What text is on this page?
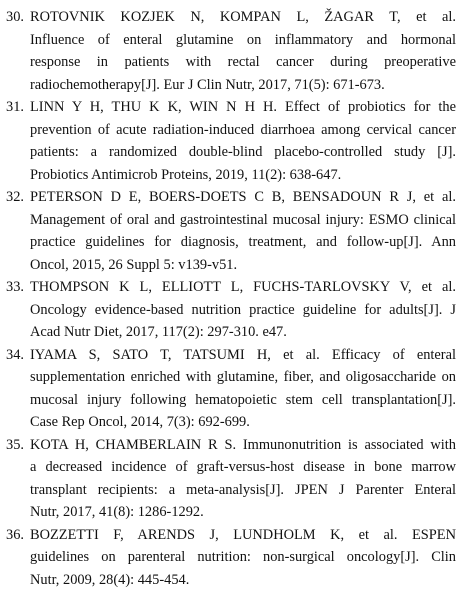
30. ROTOVNIK KOZJEK N, KOMPAN L, ŽAGAR T, et al.
Influence of enteral glutamine on inflammatory and hormonal
response in patients with rectal cancer during preoperative
radiochemotherapy[J]. Eur J Clin Nutr, 2017, 71(5): 671-673.
31. LINN Y H, THU K K, WIN N H H. Effect of probiotics for the
prevention of acute radiation-induced diarrhoea among cervical cancer
patients: a randomized double-blind placebo-controlled study [J].
Probiotics Antimicrob Proteins, 2019, 11(2): 638-647.
32. PETERSON D E, BOERS-DOETS C B, BENSADOUN R J, et al.
Management of oral and gastrointestinal mucosal injury: ESMO clinical
practice guidelines for diagnosis, treatment, and follow-up[J]. Ann
Oncol, 2015, 26 Suppl 5: v139-v51.
33. THOMPSON K L, ELLIOTT L, FUCHS-TARLOVSKY V, et al.
Oncology evidence-based nutrition practice guideline for adults[J]. J
Acad Nutr Diet, 2017, 117(2): 297-310. e47.
34. IYAMA S, SATO T, TATSUMI H, et al. Efficacy of enteral
supplementation enriched with glutamine, fiber, and oligosaccharide on
mucosal injury following hematopoietic stem cell transplantation[J].
Case Rep Oncol, 2014, 7(3): 692-699.
35. KOTA H, CHAMBERLAIN R S. Immunonutrition is associated with
a decreased incidence of graft-versus-host disease in bone marrow
transplant recipients: a meta-analysis[J]. JPEN J Parenter Enteral
Nutr, 2017, 41(8): 1286-1292.
36. BOZZETTI F, ARENDS J, LUNDHOLM K, et al. ESPEN
guidelines on parenteral nutrition: non-surgical oncology[J]. Clin
Nutr, 2009, 28(4): 445-454.
